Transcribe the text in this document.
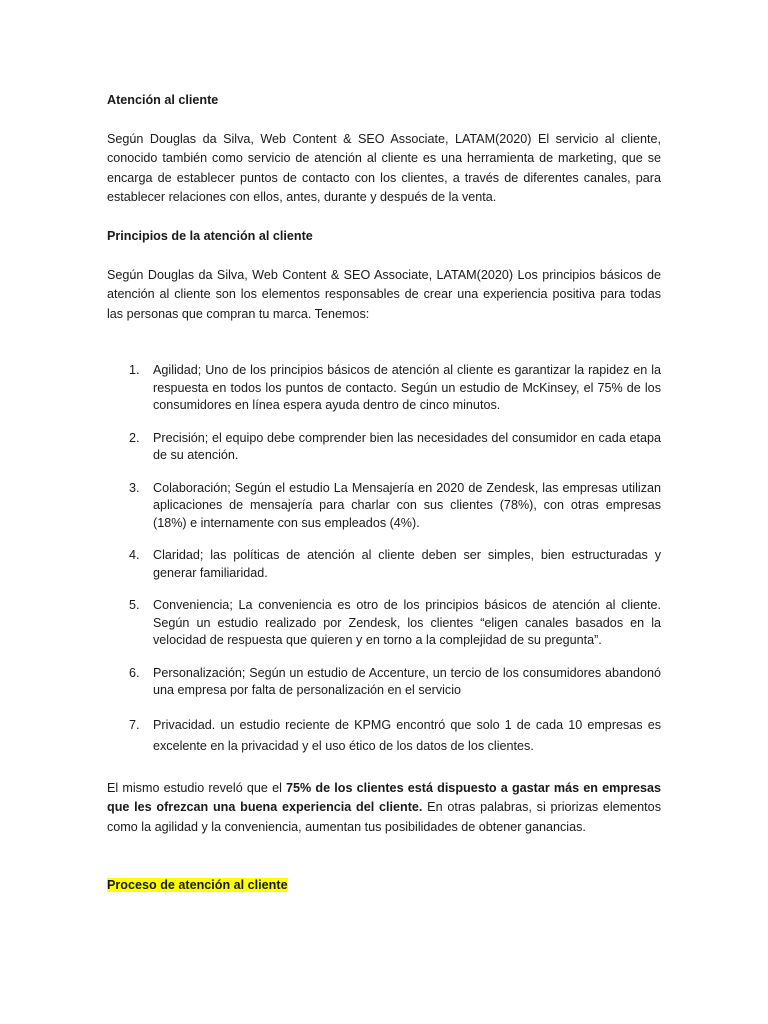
Atención al cliente

Según Douglas da Silva, Web Content & SEO Associate, LATAM(2020) El servicio al cliente, conocido también como servicio de atención al cliente es una herramienta de marketing, que se encarga de establecer puntos de contacto con los clientes, a través de diferentes canales, para establecer relaciones con ellos, antes, durante y después de la venta.

Principios de la atención al cliente

Según Douglas da Silva, Web Content & SEO Associate, LATAM(2020) Los principios básicos de atención al cliente son los elementos responsables de crear una experiencia positiva para todas las personas que compran tu marca. Tenemos:

1. Agilidad; Uno de los principios básicos de atención al cliente es garantizar la rapidez en la respuesta en todos los puntos de contacto. Según un estudio de McKinsey, el 75% de los consumidores en línea espera ayuda dentro de cinco minutos.
2. Precisión; el equipo debe comprender bien las necesidades del consumidor en cada etapa de su atención.
3. Colaboración; Según el estudio La Mensajería en 2020 de Zendesk, las empresas utilizan aplicaciones de mensajería para charlar con sus clientes (78%), con otras empresas (18%) e internamente con sus empleados (4%).
4. Claridad; las políticas de atención al cliente deben ser simples, bien estructuradas y generar familiaridad.
5. Conveniencia; La conveniencia es otro de los principios básicos de atención al cliente. Según un estudio realizado por Zendesk, los clientes “eligen canales basados en la velocidad de respuesta que quieren y en torno a la complejidad de su pregunta”.
6. Personalización; Según un estudio de Accenture, un tercio de los consumidores abandonó una empresa por falta de personalización en el servicio
7. Privacidad. un estudio reciente de KPMG encontró que solo 1 de cada 10 empresas es excelente en la privacidad y el uso ético de los datos de los clientes.

El mismo estudio reveló que el 75% de los clientes está dispuesto a gastar más en empresas que les ofrezcan una buena experiencia del cliente. En otras palabras, si priorizas elementos como la agilidad y la conveniencia, aumentan tus posibilidades de obtener ganancias.

Proceso de atención al cliente
